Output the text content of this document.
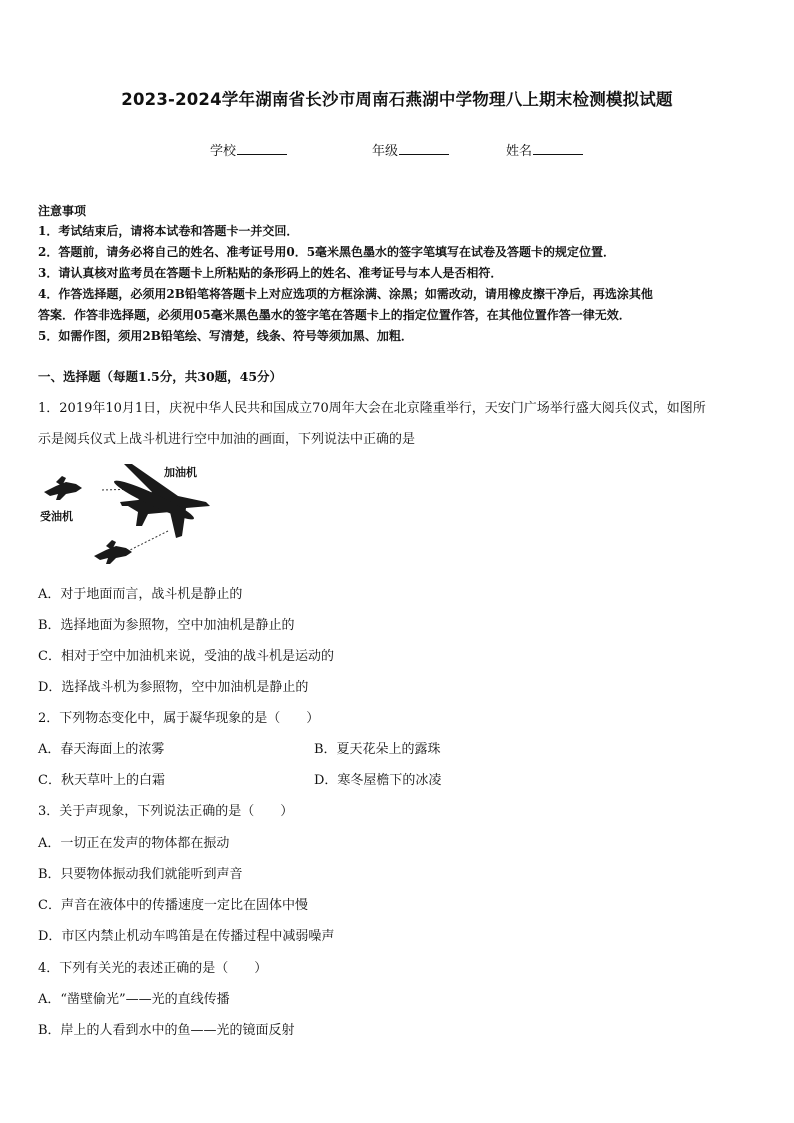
2023-2024学年湖南省长沙市周南石燕湖中学物理八上期末检测模拟试题
学校	年级	姓名
注意事项
1．考试结束后，请将本试卷和答题卡一并交回．
2．答题前，请务必将自己的姓名、准考证号用0．5毫米黑色墨水的签字笔填写在试卷及答题卡的规定位置．
3．请认真核对监考员在答题卡上所粘贴的条形码上的姓名、准考证号与本人是否相符．
4．作答选择题，必须用2B铅笔将答题卡上对应选项的方框涂满、涂黑；如需改动，请用橡皮擦干净后，再选涂其他
答案．作答非选择题，必须用05毫米黑色墨水的签字笔在答题卡上的指定位置作答，在其他位置作答一律无效．
5．如需作图，须用2B铅笔绘、写清楚，线条、符号等须加黑、加粗．
一、选择题（每题1.5分，共30题，45分）
1．2019年10月1日，庆祝中华人民共和国成立70周年大会在北京隆重举行，天安门广场举行盛大阅兵仪式，如图所
示是阅兵仪式上战斗机进行空中加油的画面，下列说法中正确的是
加油机
受油机
A．对于地面而言，战斗机是静止的
B．选择地面为参照物，空中加油机是静止的
C．相对于空中加油机来说，受油的战斗机是运动的
D．选择战斗机为参照物，空中加油机是静止的
2．下列物态变化中，属于凝华现象的是（　　）
A．春天海面上的浓雾	B．夏天花朵上的露珠
C．秋天草叶上的白霜	D．寒冬屋檐下的冰凌
3．关于声现象，下列说法正确的是（　　）
A．一切正在发声的物体都在振动
B．只要物体振动我们就能听到声音
C．声音在液体中的传播速度一定比在固体中慢
D．市区内禁止机动车鸣笛是在传播过程中减弱噪声
4．下列有关光的表述正确的是（　　）
A．“凿壁偷光”——光的直线传播
B．岸上的人看到水中的鱼——光的镜面反射
